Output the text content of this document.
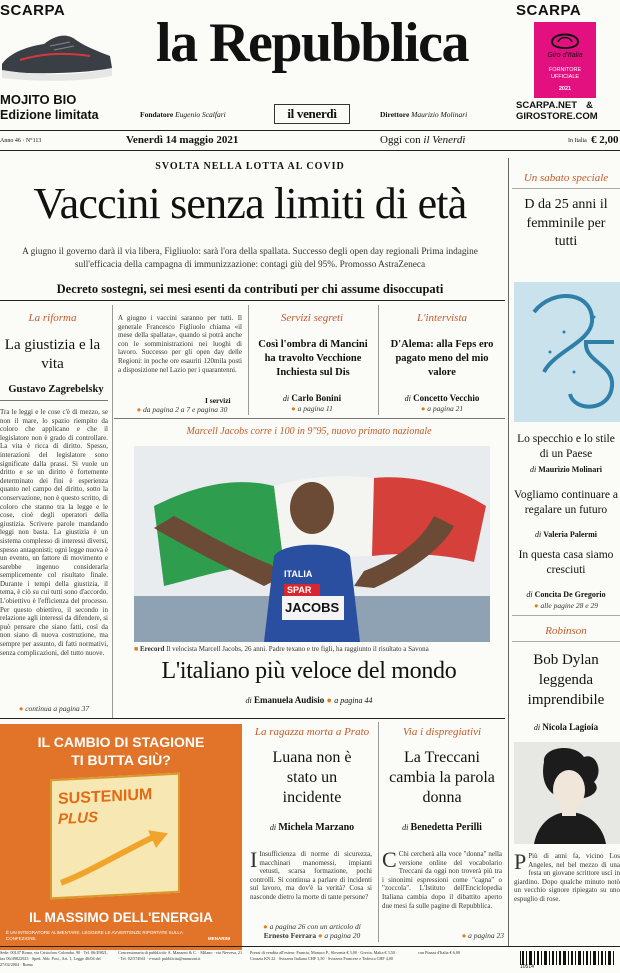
SCARPA
MOJITO BIO
Edizione limitata
la Repubblica
Fondatore Eugenio Scalfari	il venerdì	Direttore Maurizio Molinari
SCARPA
Giro d'Italia
FORNITORE UFFICIALE
2021
SCARPA.NET &
GIROSTORE.COM
Anno 46 · N°113	Venerdì 14 maggio 2021	Oggi con il Venerdì	In Italia € 2,00
SVOLTA NELLA LOTTA AL COVID
Vaccini senza limiti di età
A giugno il governo darà il via libera, Figliuolo: sarà l'ora della spallata. Successo degli open day regionali Prima indagine sull'efficacia della campagna di immunizzazione: contagi giù del 95%. Promosso AstraZeneca
Decreto sostegni, sei mesi esenti da contributi per chi assume disoccupati
La riforma
La giustizia e la vita
Gustavo Zagrebelsky
Tra le leggi e le cose c'è di mezzo, se non il mare, lo spazio riempito da coloro che applicano e che il legislatore non è grado di controllare. La vita è ricca di diritto. Spesso, interazioni del legislatore sono significate dalla prassi. Si vuole un dritto e se un diritto è fortemente determinato dei fini è esperienza quanto nel campo del diritto, sotto la conservazione, non è questo scritto, di coloro che stanno tra la legge e le cose, cioè degli operatori della giustizia. Scrivere parole mandando leggi non basta. La giustizia è un sistema complesso di interessi diversi, spesso antagonisti; ogni legge nuova è un evento, un fattore di movimento e sarebbe ingenuo considerarla semplicemente col risultato finale. Durante i tempi della giustizia, il tema, è ciò su cui tutti sono d'accordo. L'obiettivo è l'efficienza del processo. Per questo obiettivo, il secondo in relazione agli interessi da difendere, si può pensare che siano fatti, così da non siano di nuova costruzione, ma sempre per assunto, di fatti normativi, senza complicazioni, del tutto nuove.
● continua a pagina 37
A giugno i vaccini saranno per tutti. Il generale Francesco Figliuolo chiama «il mese della spallata», quando si potrà anche con le somministrazioni nei luoghi di lavoro. Successo per gli open day delle Regioni: in poche ore esauriti 120mila posti a disposizione nel Lazio per i quarantenni.
I servizi
● da pagina 2 a 7 e pagina 30
Servizi segreti
Così l'ombra di Mancini ha travolto Vecchione Inchiesta sul Dis
di Carlo Bonini
● a pagina 11
L'intervista
D'Alema: alla Feps ero pagato meno del mio valore
di Concetto Vecchio
● a pagina 21
Marcell Jacobs corre i 100 in 9"95, nuovo primato nazionale
ITALIA
SPAR
JACOBS
■ Erecord Il velocista Marcell Jacobs, 26 anni. Padre texano e tre figli, ha raggiunto il risultato a Savona
L'italiano più veloce del mondo
di Emanuela Audisio ● a pagina 44
IL CAMBIO DI STAGIONE
TI BUTTA GIÙ?
SUSTENIUM
PLUS
IL MASSIMO DELL'ENERGIA
È UN INTEGRATORE ALIMENTARE. LEGGERE LE AVVERTENZE RIPORTATE SULLA CONFEZIONE.	MENARINI
La ragazza morta a Prato
Luana non è stato un incidente
di Michela Marzano
I Insufficienza di norme di sicurezza, macchinari manomessi, impianti vetusti, scarsa formazione, pochi controlli. Si continua a parlare di incidenti sul lavoro, ma dov'è la verità? Cosa si nasconde dietro la morte di tante persone?
● a pagina 26 con un articolo di
Ernesto Ferrara ● a pagina 20
Via i dispregiativi
La Treccani cambia la parola donna
di Benedetta Perilli
C Chi cercherà alla voce "donna" nella versione online del vocabolario Treccani da oggi non troverà più tra i sinonimi espressioni come "cagna" o "zoccola". L'Istituto dell'Enciclopedia Italiana cambia dopo il dibattito aperto due mesi fa sulle pagine di Repubblica.
● a pagina 23
Un sabato speciale
D da 25 anni il femminile per tutti
Lo specchio e lo stile di un Paese
di Maurizio Molinari
Vogliamo continuare a regalare un futuro
di Valeria Palermi
In questa casa siamo cresciuti
di Concita De Gregorio
● alle pagine 28 e 29
Robinson
Bob Dylan leggenda imprendibile
di Nicola Lagioia
P Più di anni fa, vicino Los Angeles, nel bel mezzo di una festa un giovane scrittore uscì in giardino. Dopo qualche minuto notò un vecchio signore ripiegato su uno espuglio di rose.
Sede: 00147 Roma, via Cristoforo Colombo, 90 · Tel. 06/49821, fax 06/49822923 · Sped. Abb. Post., Art. 1, Legge 46/04 del 27/02/2004 · Roma
Concessionaria di pubblicità: A. Manzoni & C. · Milano · via Nervesa, 21 · Tel. 02/574941 · e-mail: pubblicita@manzoni.it
Prezzi di vendita all'estero: Francia, Monaco P., Slovenia € 3,00 · Grecia, Malta € 3,50 · Croazia KN 22 · Svizzera Italiana CHF 3,50 · Svizzera Francese e Tedesca CHF 4,00
con Piazza d'Italia € 6,00
10514
